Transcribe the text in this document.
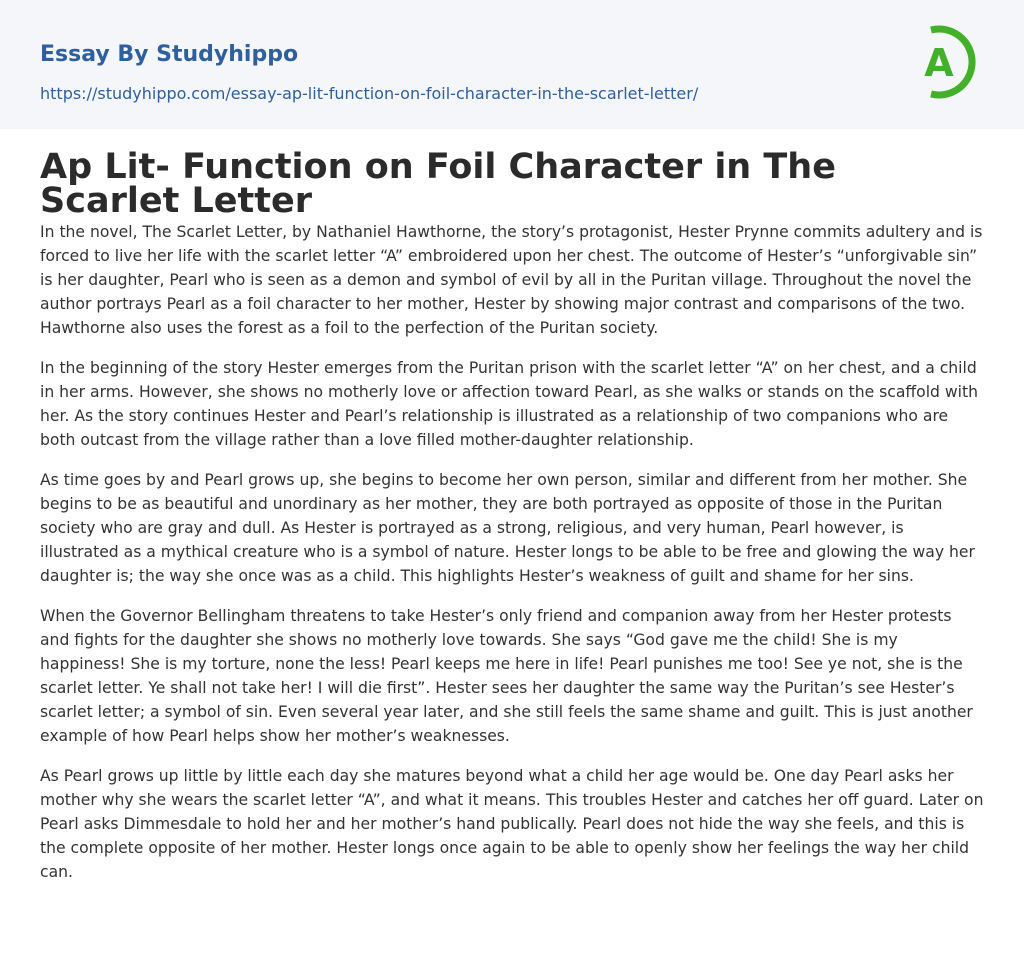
Essay By Studyhippo
https://studyhippo.com/essay-ap-lit-function-on-foil-character-in-the-scarlet-letter/
A
Ap Lit- Function on Foil Character in The Scarlet Letter

In the novel, The Scarlet Letter, by Nathaniel Hawthorne, the story’s protagonist, Hester Prynne commits adultery and is forced to live her life with the scarlet letter “A” embroidered upon her chest. The outcome of Hester’s “unforgivable sin” is her daughter, Pearl who is seen as a demon and symbol of evil by all in the Puritan village. Throughout the novel the author portrays Pearl as a foil character to her mother, Hester by showing major contrast and comparisons of the two. Hawthorne also uses the forest as a foil to the perfection of the Puritan society.

In the beginning of the story Hester emerges from the Puritan prison with the scarlet letter “A” on her chest, and a child in her arms. However, she shows no motherly love or affection toward Pearl, as she walks or stands on the scaffold with her. As the story continues Hester and Pearl’s relationship is illustrated as a relationship of two companions who are both outcast from the village rather than a love filled mother-daughter relationship.

As time goes by and Pearl grows up, she begins to become her own person, similar and different from her mother. She begins to be as beautiful and unordinary as her mother, they are both portrayed as opposite of those in the Puritan society who are gray and dull. As Hester is portrayed as a strong, religious, and very human, Pearl however, is illustrated as a mythical creature who is a symbol of nature. Hester longs to be able to be free and glowing the way her daughter is; the way she once was as a child. This highlights Hester’s weakness of guilt and shame for her sins.

When the Governor Bellingham threatens to take Hester’s only friend and companion away from her Hester protests and fights for the daughter she shows no motherly love towards. She says “God gave me the child! She is my happiness! She is my torture, none the less! Pearl keeps me here in life! Pearl punishes me too! See ye not, she is the scarlet letter. Ye shall not take her! I will die first”. Hester sees her daughter the same way the Puritan’s see Hester’s scarlet letter; a symbol of sin. Even several year later, and she still feels the same shame and guilt. This is just another example of how Pearl helps show her mother’s weaknesses.

As Pearl grows up little by little each day she matures beyond what a child her age would be. One day Pearl asks her mother why she wears the scarlet letter “A”, and what it means. This troubles Hester and catches her off guard. Later on Pearl asks Dimmesdale to hold her and her mother’s hand publically. Pearl does not hide the way she feels, and this is the complete opposite of her mother. Hester longs once again to be able to openly show her feelings the way her child can.
